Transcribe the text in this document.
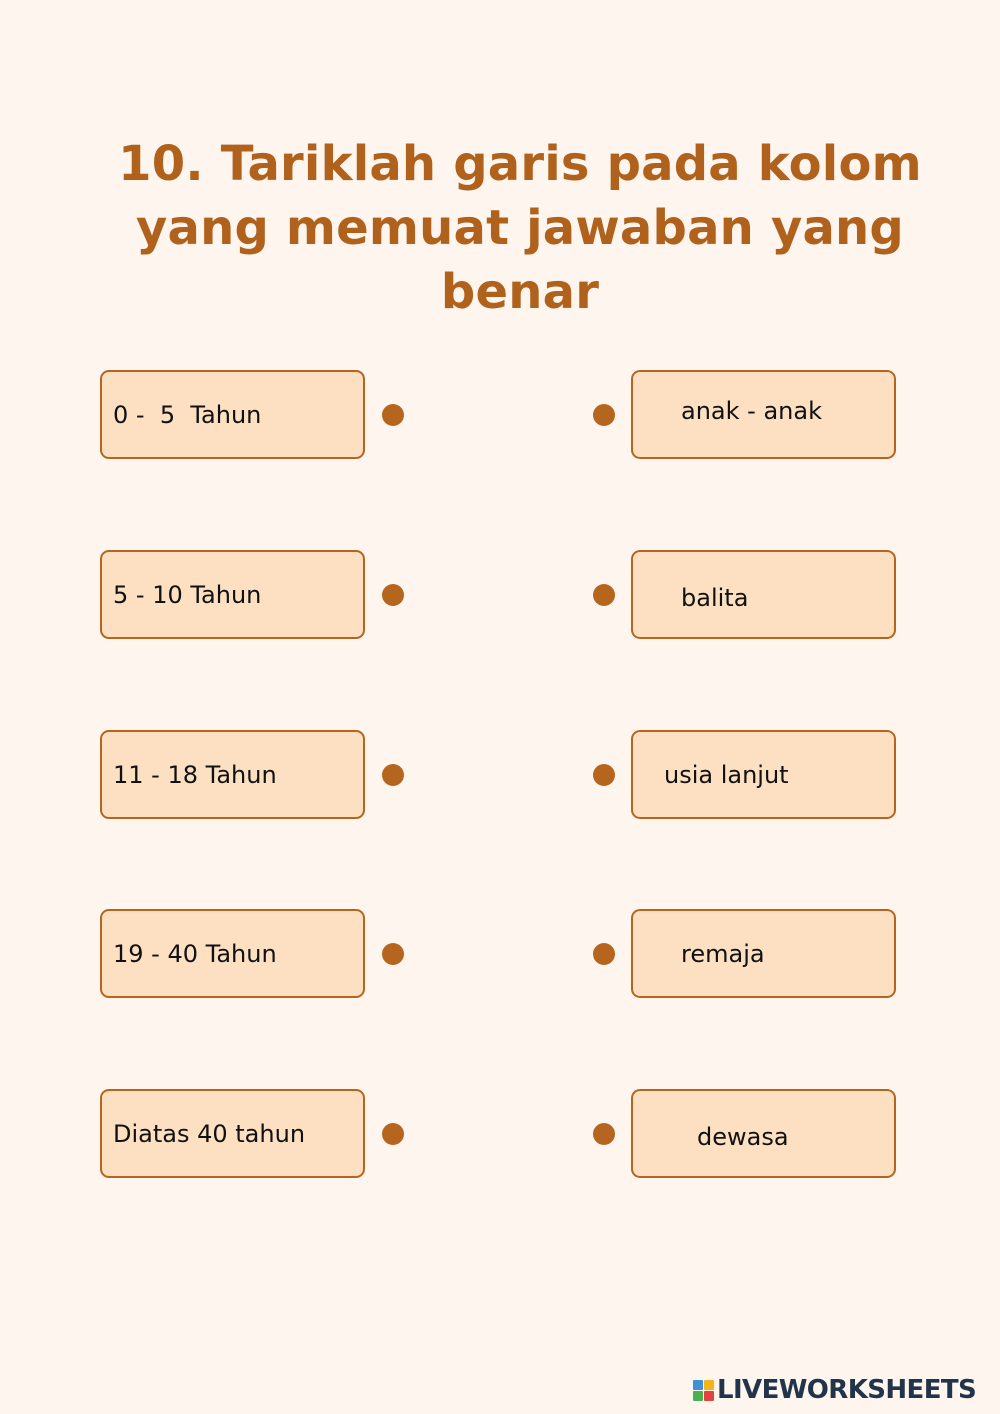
10. Tariklah garis pada kolom yang memuat jawaban yang benar
0 -  5  Tahun
5 - 10 Tahun
11 - 18 Tahun
19 - 40 Tahun
Diatas 40 tahun
anak - anak
balita
usia lanjut
remaja
dewasa
LIVEWORKSHEETS
